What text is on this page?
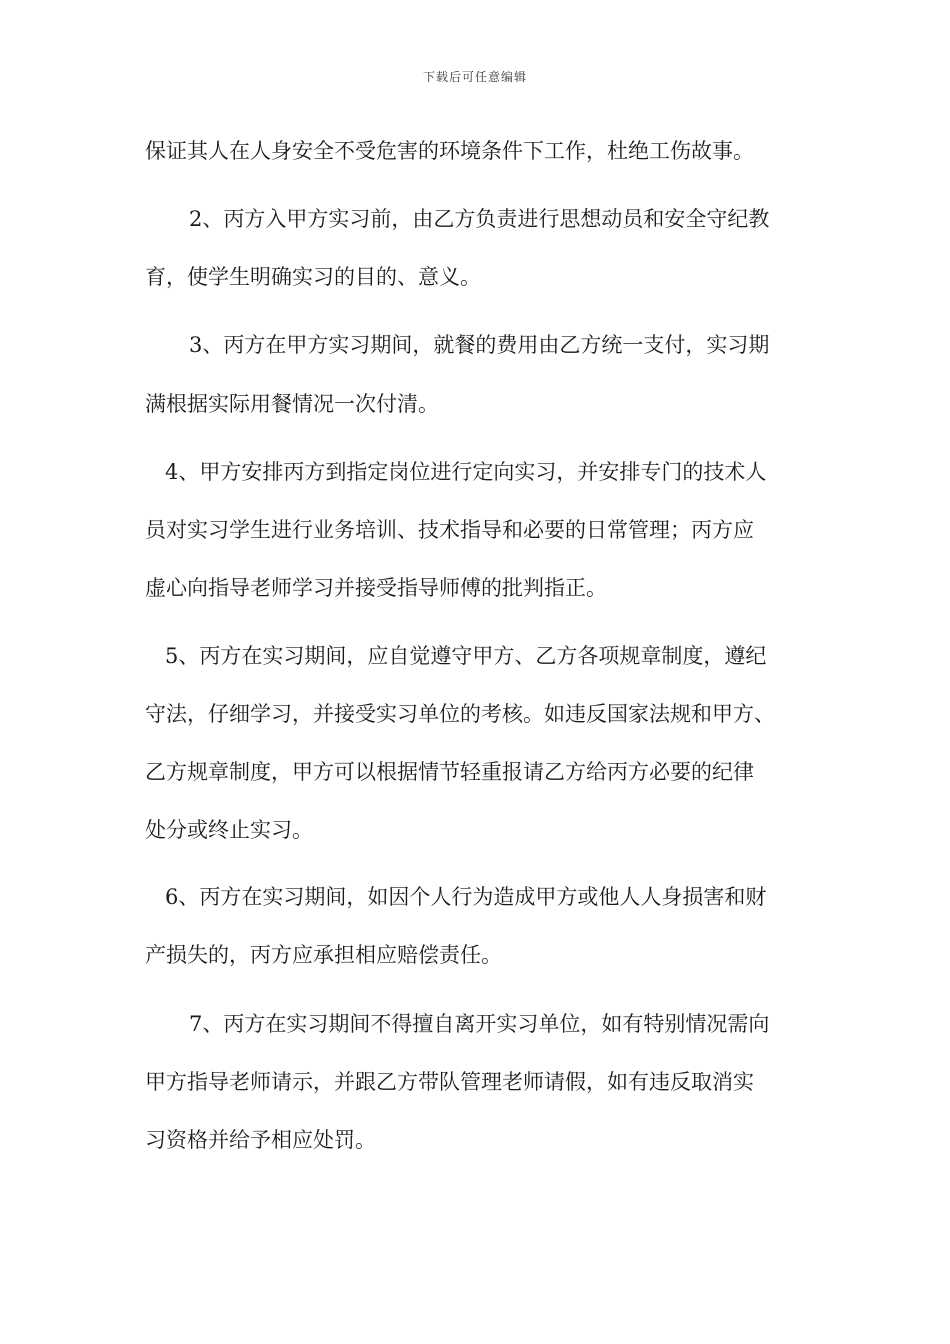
下载后可任意编辑
保证其人在人身安全不受危害的环境条件下工作，杜绝工伤故事。
2、丙方入甲方实习前，由乙方负责进行思想动员和安全守纪教
育，使学生明确实习的目的、意义。
3、丙方在甲方实习期间，就餐的费用由乙方统一支付，实习期
满根据实际用餐情况一次付清。
4、甲方安排丙方到指定岗位进行定向实习，并安排专门的技术人
员对实习学生进行业务培训、技术指导和必要的日常管理；丙方应
虚心向指导老师学习并接受指导师傅的批判指正。
5、丙方在实习期间，应自觉遵守甲方、乙方各项规章制度，遵纪
守法，仔细学习，并接受实习单位的考核。如违反国家法规和甲方、
乙方规章制度，甲方可以根据情节轻重报请乙方给丙方必要的纪律
处分或终止实习。
6、丙方在实习期间，如因个人行为造成甲方或他人人身损害和财
产损失的，丙方应承担相应赔偿责任。
7、丙方在实习期间不得擅自离开实习单位，如有特别情况需向
甲方指导老师请示，并跟乙方带队管理老师请假，如有违反取消实
习资格并给予相应处罚。
